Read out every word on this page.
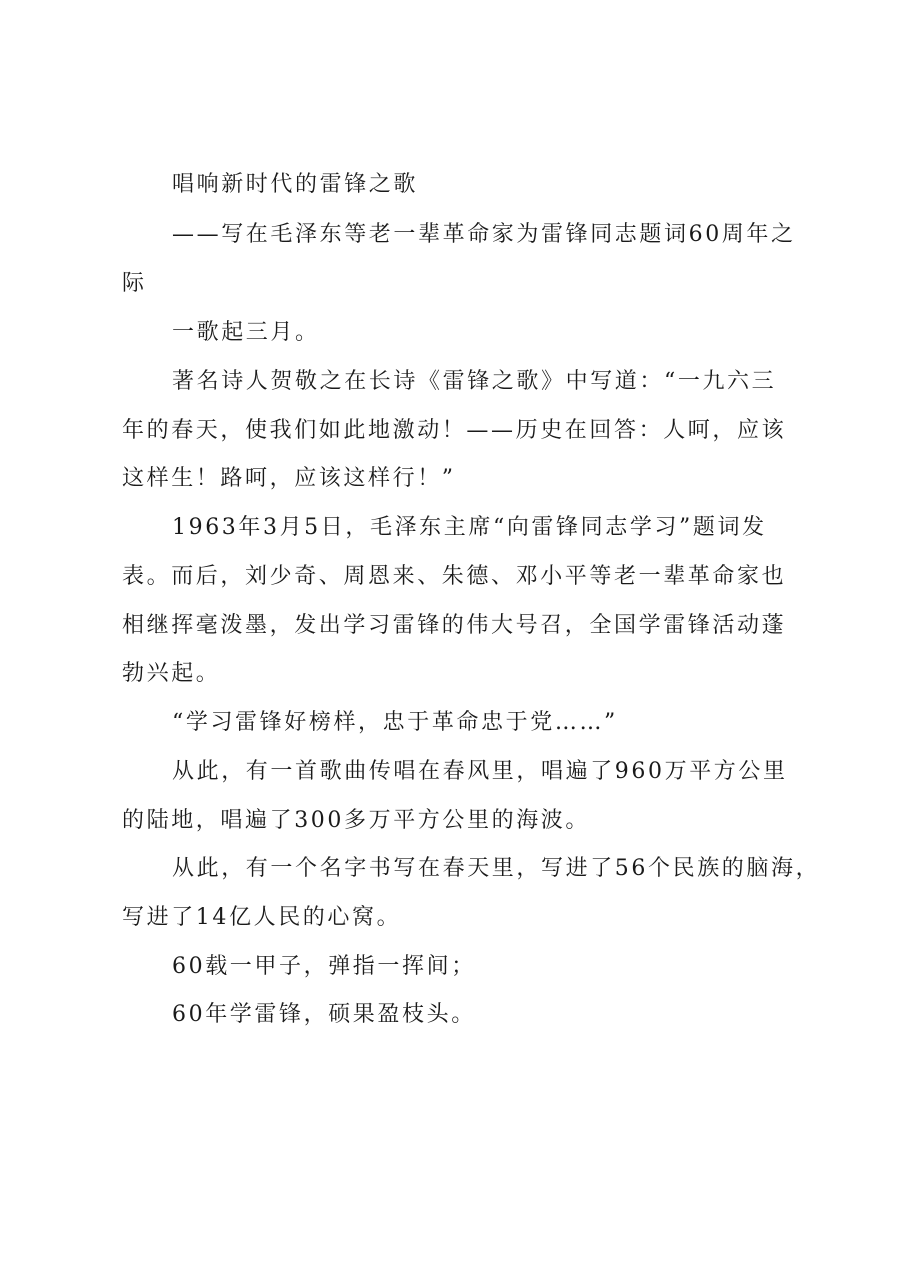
唱响新时代的雷锋之歌
——写在毛泽东等老一辈革命家为雷锋同志题词60周年之
际
一歌起三月。
著名诗人贺敬之在长诗《雷锋之歌》中写道：“一九六三
年的春天，使我们如此地激动！——历史在回答：人呵，应该
这样生！路呵，应该这样行！”
1963年3月5日，毛泽东主席“向雷锋同志学习”题词发
表。而后，刘少奇、周恩来、朱德、邓小平等老一辈革命家也
相继挥毫泼墨，发出学习雷锋的伟大号召，全国学雷锋活动蓬
勃兴起。
“学习雷锋好榜样，忠于革命忠于党……”
从此，有一首歌曲传唱在春风里，唱遍了960万平方公里
的陆地，唱遍了300多万平方公里的海波。
从此，有一个名字书写在春天里，写进了56个民族的脑海，
写进了14亿人民的心窝。
60载一甲子，弹指一挥间；
60年学雷锋，硕果盈枝头。
